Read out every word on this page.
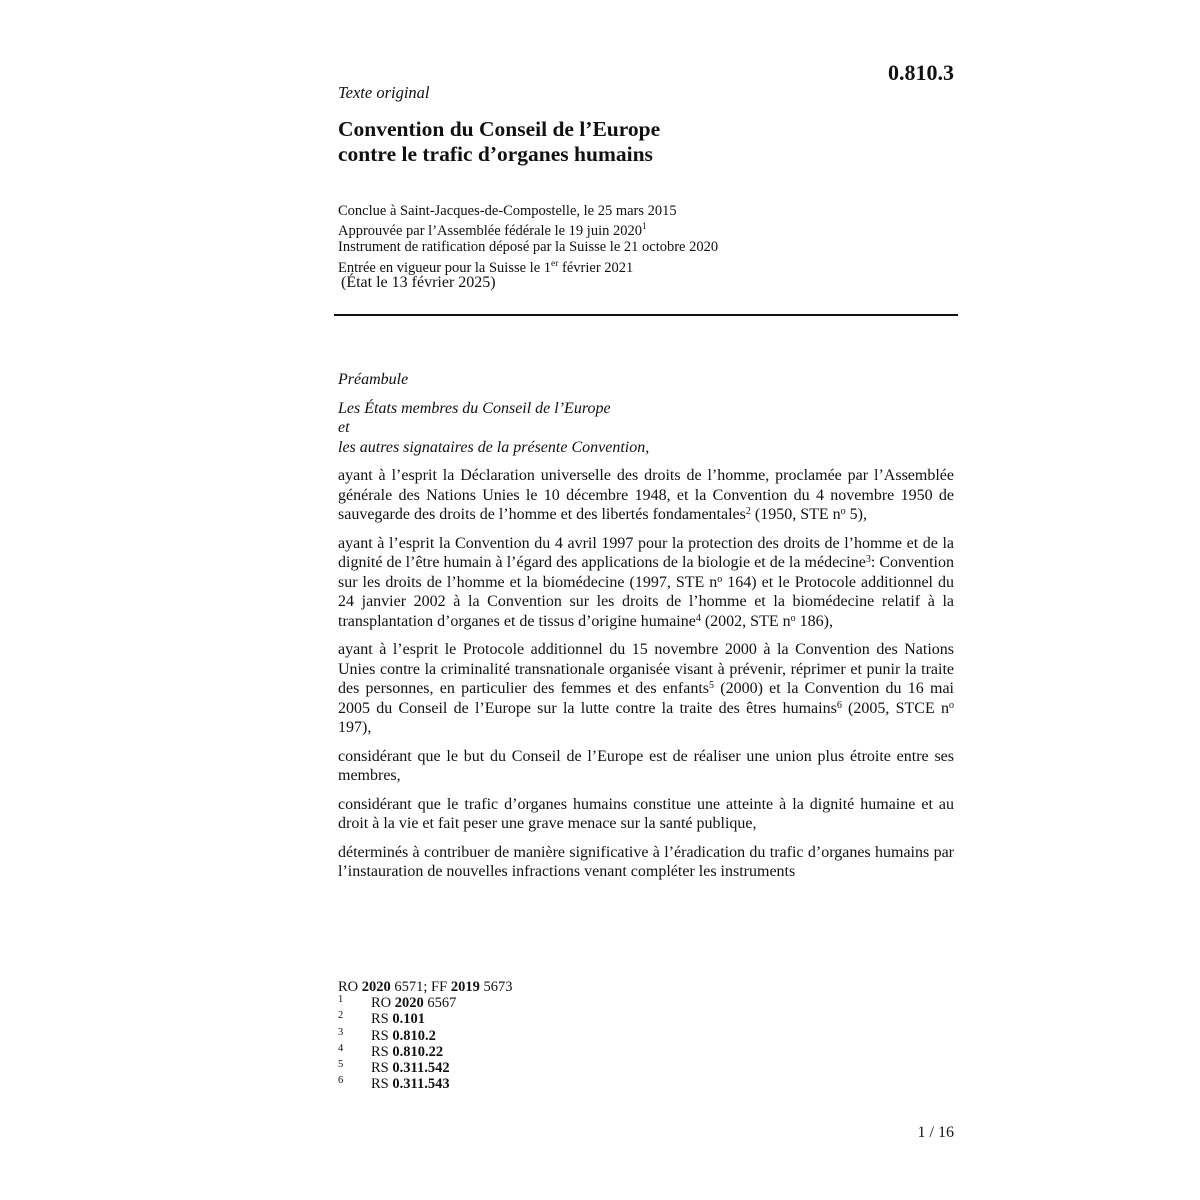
0.810.3
Texte original
Convention du Conseil de l’Europe
contre le trafic d’organes humains
Conclue à Saint-Jacques-de-Compostelle, le 25 mars 2015
Approuvée par l’Assemblée fédérale le 19 juin 2020$^1$
Instrument de ratification déposé par la Suisse le 21 octobre 2020
Entrée en vigueur pour la Suisse le 1er février 2021
(État le 13 février 2025)
Préambule
Les États membres du Conseil de l’Europe
et
les autres signataires de la présente Convention,

ayant à l’esprit la Déclaration universelle des droits de l’homme, proclamée par l’Assemblée générale des Nations Unies le 10 décembre 1948, et la Convention du 4 novembre 1950 de sauvegarde des droits de l’homme et des libertés fondamentales$^2$ (1950, STE $n^o$ 5),

ayant à l’esprit la Convention du 4 avril 1997 pour la protection des droits de l’homme et de la dignité de l’être humain à l’égard des applications de la biologie et de la médecine$^3$: Convention sur les droits de l’homme et la biomédecine (1997, STE $n^o$ 164) et le Protocole additionnel du 24 janvier 2002 à la Convention sur les droits de l’homme et la biomédecine relatif à la transplantation d’organes et de tissus d’origine humaine$^4$ (2002, STE $n^o$ 186),

ayant à l’esprit le Protocole additionnel du 15 novembre 2000 à la Convention des Nations Unies contre la criminalité transnationale organisée visant à prévenir, réprimer et punir la traite des personnes, en particulier des femmes et des enfants$^5$ (2000) et la Convention du 16 mai 2005 du Conseil de l’Europe sur la lutte contre la traite des êtres humains$^6$ (2005, STCE $n^o$ 197),

considérant que le but du Conseil de l’Europe est de réaliser une union plus étroite entre ses membres,

considérant que le trafic d’organes humains constitue une atteinte à la dignité humaine et au droit à la vie et fait peser une grave menace sur la santé publique,

déterminés à contribuer de manière significative à l’éradication du trafic d’organes humains par l’instauration de nouvelles infractions venant compléter les instruments

RO 2020 6571; FF 2019 5673
1 RO 2020 6567
2 RS 0.101
3 RS 0.810.2
4 RS 0.810.22
5 RS 0.311.542
6 RS 0.311.543
1 / 16
